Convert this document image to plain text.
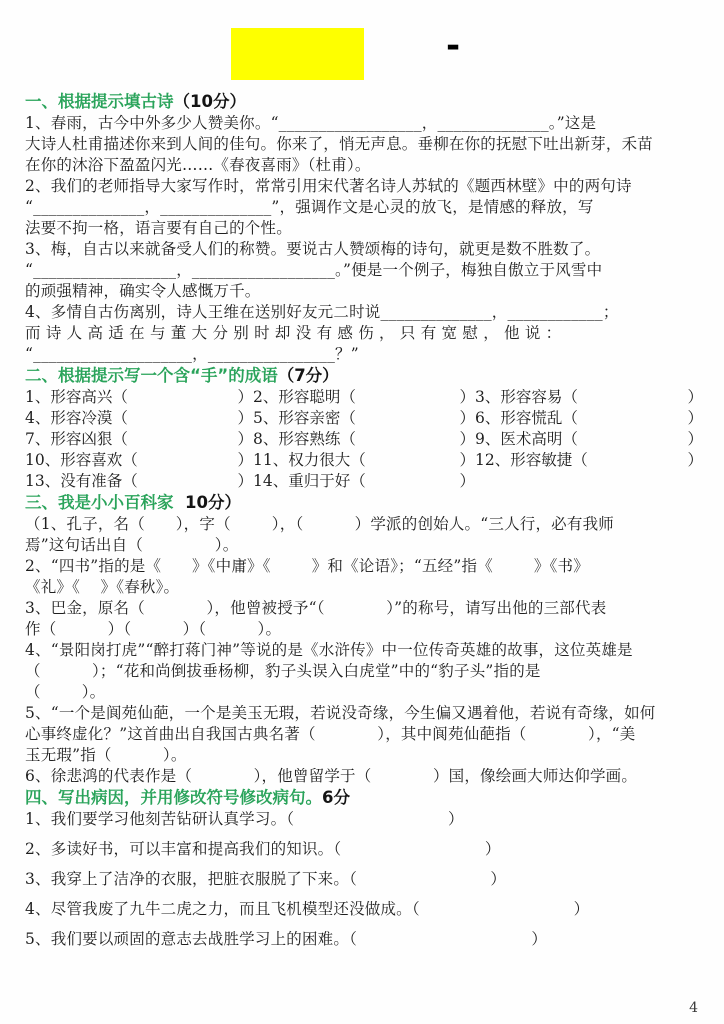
-
一、根据提示填古诗（10分）
1、春雨，古今中外多少人赞美你。“__________________，______________。”这是
大诗人杜甫描述你来到人间的佳句。你来了，悄无声息。垂柳在你的抚慰下吐出新芽，禾苗
在你的沐浴下盈盈闪光……《春夜喜雨》（杜甫）。
2、我们的老师指导大家写作时，常常引用宋代著名诗人苏轼的《题西林壁》中的两句诗
“______________，______________”，强调作文是心灵的放飞，是情感的释放，写
法要不拘一格，语言要有自己的个性。
3、梅，自古以来就备受人们的称赞。要说古人赞颂梅的诗句，就更是数不胜数了。
“__________________，__________________。”便是一个例子，梅独自傲立于风雪中
的顽强精神，确实令人感慨万千。
4、多情自古伤离别，诗人王维在送别好友元二时说______________，____________；
而 诗 人 高 适 在 与 董 大 分 别 时 却 没 有 感 伤 ， 只 有 宽 慰 ， 他 说 ：
“____________________，________________？”
二、根据提示写一个含“手”的成语（7分）
1、形容高兴（	） 2、形容聪明（	） 3、形容容易（	）
4、形容冷漠（	） 5、形容亲密（	） 6、形容慌乱（	）
7、形容凶狠（	） 8、形容熟练（	） 9、医术高明（	）
10、形容喜欢（	） 11、权力很大（	） 12、形容敏捷（	）
13、没有准备（	） 14、重归于好（	）
三、我是小小百科家  10分）
（1、孔子，名（      ），字（        ），（          ）学派的创始人。“三人行，必有我师
焉”这句话出自（              ）。
2、“四书”指的是《      》《中庸》《        》和《论语》；“五经”指《        》《书》
《礼》《    》《春秋》。
3、巴金，原名（            ），他曾被授予“（            ）”的称号，请写出他的三部代表
作（          ）（          ）（          ）。
4、“景阳岗打虎”“醉打蒋门神”等说的是《水浒传》中一位传奇英雄的故事，这位英雄是
（          ）；“花和尚倒拔垂杨柳，豹子头误入白虎堂”中的“豹子头”指的是
（        ）。
5、“一个是阆苑仙葩，一个是美玉无瑕，若说没奇缘，今生偏又遇着他，若说有奇缘，如何
心事终虚化？”这首曲出自我国古典名著（            ），其中阆苑仙葩指（            ），“美
玉无瑕”指（          ）。
6、徐悲鸿的代表作是（            ），他曾留学于（            ）国，像绘画大师达仰学画。
四、写出病因，并用修改符号修改病句。6分
1、我们要学习他刻苦钻研认真学习。（                              ）
2、多读好书，可以丰富和提高我们的知识。（                            ）
3、我穿上了洁净的衣服，把脏衣服脱了下来。（                          ）
4、尽管我废了九牛二虎之力，而且飞机模型还没做成。（                              ）
5、我们要以顽固的意志去战胜学习上的困难。（                                  ）
4
